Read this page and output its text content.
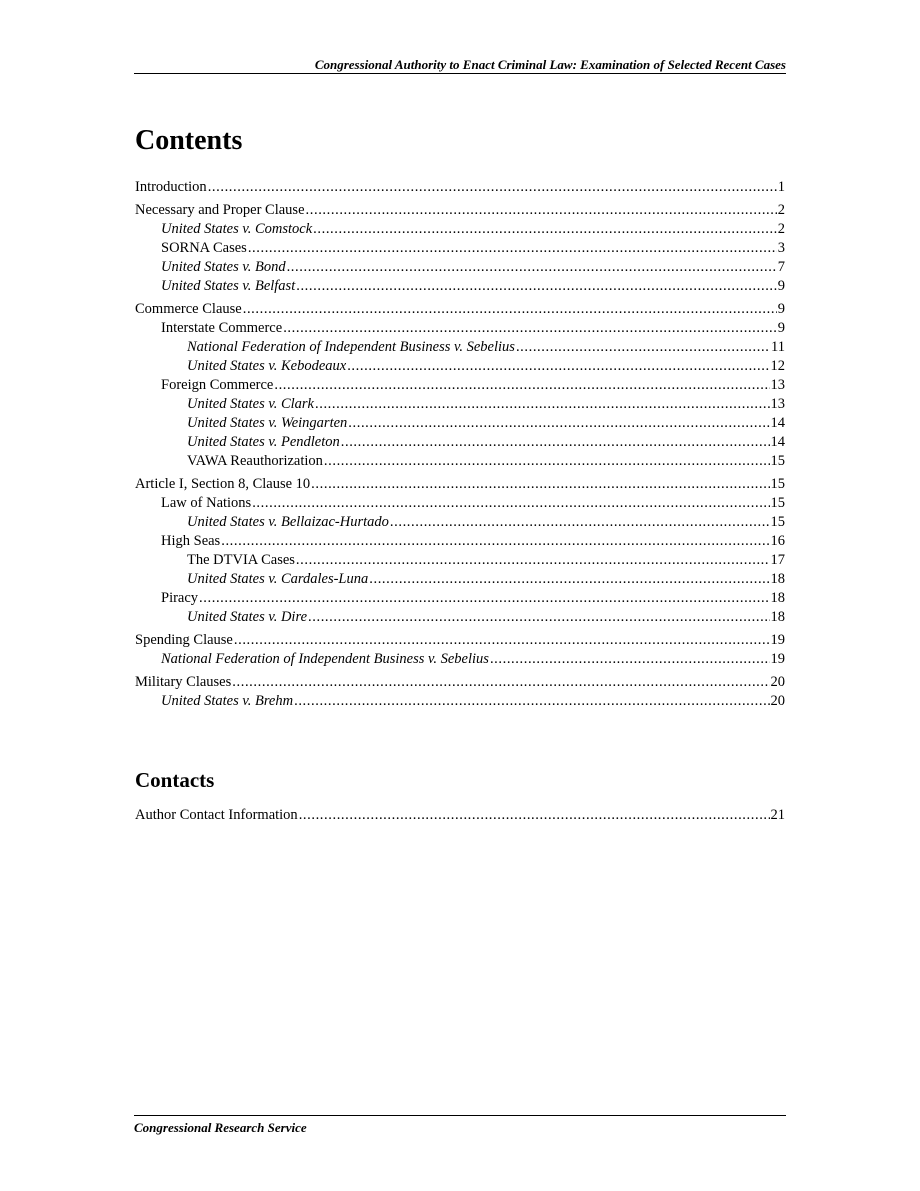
Congressional Authority to Enact Criminal Law: Examination of Selected Recent Cases
Contents
Introduction .....	1
Necessary and Proper Clause .....	2
United States v. Comstock .....	2
SORNA Cases .....	3
United States v. Bond .....	7
United States v. Belfast .....	9
Commerce Clause .....	9
Interstate Commerce .....	9
National Federation of Independent Business v. Sebelius .....	11
United States v. Kebodeaux .....	12
Foreign Commerce .....	13
United States v. Clark .....	13
United States v. Weingarten .....	14
United States v. Pendleton .....	14
VAWA Reauthorization .....	15
Article I, Section 8, Clause 10 .....	15
Law of Nations .....	15
United States v. Bellaizac-Hurtado .....	15
High Seas .....	16
The DTVIA Cases .....	17
United States v. Cardales-Luna .....	18
Piracy .....	18
United States v. Dire .....	18
Spending Clause .....	19
National Federation of Independent Business v. Sebelius .....	19
Military Clauses .....	20
United States v. Brehm .....	20
Contacts
Author Contact Information .....	21
Congressional Research Service
